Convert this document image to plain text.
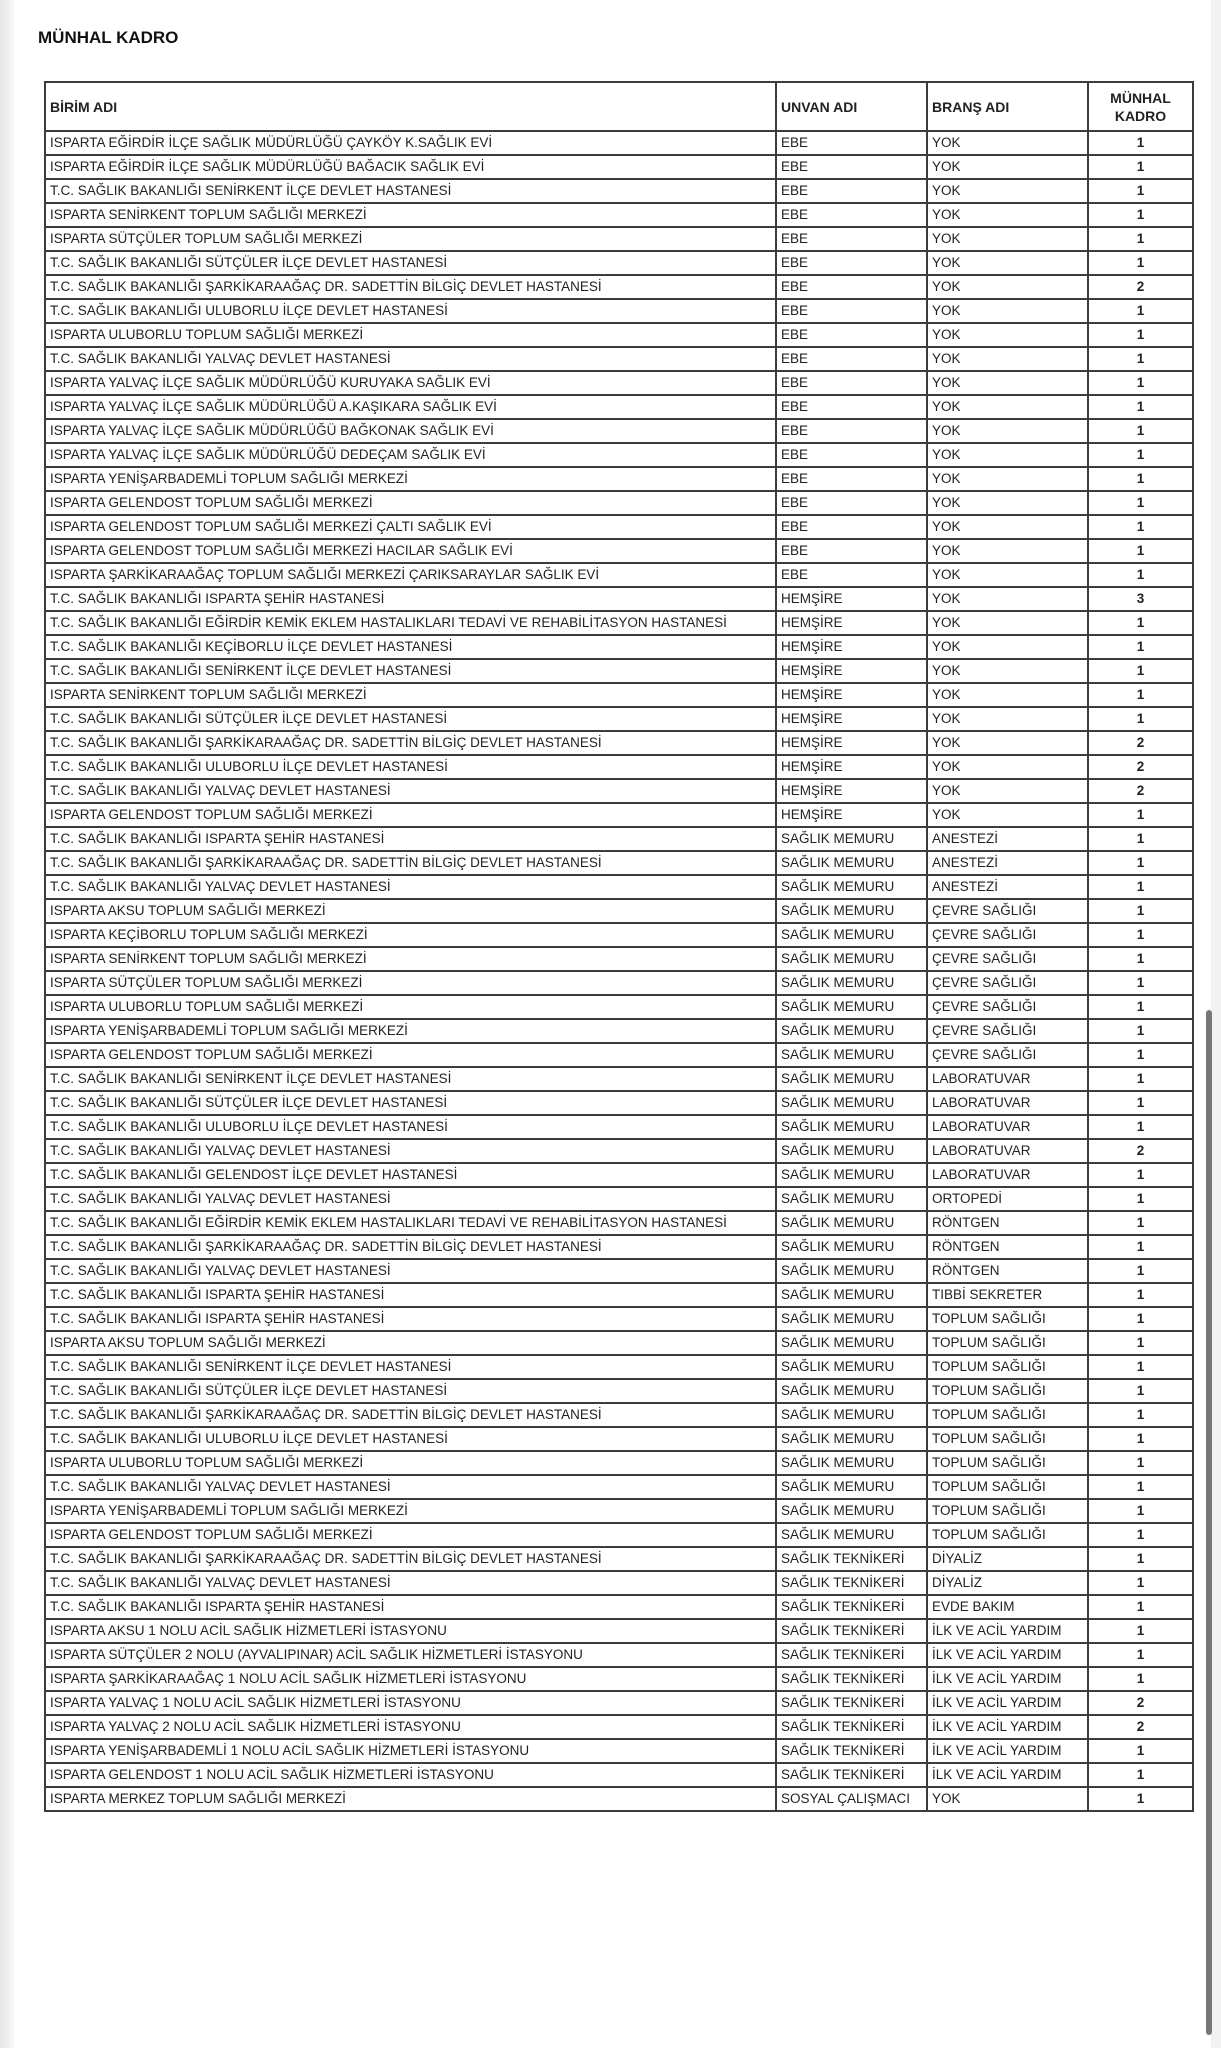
MÜNHAL KADRO
BİRİM ADI	UNVAN ADI	BRANŞ ADI	MÜNHAL KADRO
ISPARTA EĞİRDİR İLÇE SAĞLIK MÜDÜRLÜĞÜ ÇAYKÖY K.SAĞLIK EVİ	EBE	YOK	1
ISPARTA EĞİRDİR İLÇE SAĞLIK MÜDÜRLÜĞÜ BAĞACIK SAĞLIK EVİ	EBE	YOK	1
T.C. SAĞLIK BAKANLIĞI SENİRKENT İLÇE DEVLET HASTANESİ	EBE	YOK	1
ISPARTA SENİRKENT TOPLUM SAĞLIĞI MERKEZİ	EBE	YOK	1
ISPARTA SÜTÇÜLER TOPLUM SAĞLIĞI MERKEZİ	EBE	YOK	1
T.C. SAĞLIK BAKANLIĞI SÜTÇÜLER İLÇE DEVLET HASTANESİ	EBE	YOK	1
T.C. SAĞLIK BAKANLIĞI ŞARKİKARAAĞAÇ DR. SADETTİN BİLGİÇ DEVLET HASTANESİ	EBE	YOK	2
T.C. SAĞLIK BAKANLIĞI ULUBORLU İLÇE DEVLET HASTANESİ	EBE	YOK	1
ISPARTA ULUBORLU TOPLUM SAĞLIĞI MERKEZİ	EBE	YOK	1
T.C. SAĞLIK BAKANLIĞI YALVAÇ DEVLET HASTANESİ	EBE	YOK	1
ISPARTA YALVAÇ İLÇE SAĞLIK MÜDÜRLÜĞÜ KURUYAKA SAĞLIK EVİ	EBE	YOK	1
ISPARTA YALVAÇ İLÇE SAĞLIK MÜDÜRLÜĞÜ A.KAŞIKARA SAĞLIK EVİ	EBE	YOK	1
ISPARTA YALVAÇ İLÇE SAĞLIK MÜDÜRLÜĞÜ BAĞKONAK SAĞLIK EVİ	EBE	YOK	1
ISPARTA YALVAÇ İLÇE SAĞLIK MÜDÜRLÜĞÜ DEDEÇAM SAĞLIK EVİ	EBE	YOK	1
ISPARTA YENİŞARBADEMLİ TOPLUM SAĞLIĞI MERKEZİ	EBE	YOK	1
ISPARTA GELENDOST TOPLUM SAĞLIĞI MERKEZİ	EBE	YOK	1
ISPARTA GELENDOST TOPLUM SAĞLIĞI MERKEZİ ÇALTI SAĞLIK EVİ	EBE	YOK	1
ISPARTA GELENDOST TOPLUM SAĞLIĞI MERKEZİ HACILAR SAĞLIK EVİ	EBE	YOK	1
ISPARTA ŞARKİKARAAĞAÇ TOPLUM SAĞLIĞI MERKEZİ ÇARIKSARAYLAR SAĞLIK EVİ	EBE	YOK	1
T.C. SAĞLIK BAKANLIĞI ISPARTA ŞEHİR HASTANESİ	HEMŞİRE	YOK	3
T.C. SAĞLIK BAKANLIĞI EĞİRDİR KEMİK EKLEM HASTALIKLARI TEDAVİ VE REHABİLİTASYON HASTANESİ	HEMŞİRE	YOK	1
T.C. SAĞLIK BAKANLIĞI KEÇİBORLU İLÇE DEVLET HASTANESİ	HEMŞİRE	YOK	1
T.C. SAĞLIK BAKANLIĞI SENİRKENT İLÇE DEVLET HASTANESİ	HEMŞİRE	YOK	1
ISPARTA SENİRKENT TOPLUM SAĞLIĞI MERKEZİ	HEMŞİRE	YOK	1
T.C. SAĞLIK BAKANLIĞI SÜTÇÜLER İLÇE DEVLET HASTANESİ	HEMŞİRE	YOK	1
T.C. SAĞLIK BAKANLIĞI ŞARKİKARAAĞAÇ DR. SADETTİN BİLGİÇ DEVLET HASTANESİ	HEMŞİRE	YOK	2
T.C. SAĞLIK BAKANLIĞI ULUBORLU İLÇE DEVLET HASTANESİ	HEMŞİRE	YOK	2
T.C. SAĞLIK BAKANLIĞI YALVAÇ DEVLET HASTANESİ	HEMŞİRE	YOK	2
ISPARTA GELENDOST TOPLUM SAĞLIĞI MERKEZİ	HEMŞİRE	YOK	1
T.C. SAĞLIK BAKANLIĞI ISPARTA ŞEHİR HASTANESİ	SAĞLIK MEMURU	ANESTEZİ	1
T.C. SAĞLIK BAKANLIĞI ŞARKİKARAAĞAÇ DR. SADETTİN BİLGİÇ DEVLET HASTANESİ	SAĞLIK MEMURU	ANESTEZİ	1
T.C. SAĞLIK BAKANLIĞI YALVAÇ DEVLET HASTANESİ	SAĞLIK MEMURU	ANESTEZİ	1
ISPARTA AKSU TOPLUM SAĞLIĞI MERKEZİ	SAĞLIK MEMURU	ÇEVRE SAĞLIĞI	1
ISPARTA KEÇİBORLU TOPLUM SAĞLIĞI MERKEZİ	SAĞLIK MEMURU	ÇEVRE SAĞLIĞI	1
ISPARTA SENİRKENT TOPLUM SAĞLIĞI MERKEZİ	SAĞLIK MEMURU	ÇEVRE SAĞLIĞI	1
ISPARTA SÜTÇÜLER TOPLUM SAĞLIĞI MERKEZİ	SAĞLIK MEMURU	ÇEVRE SAĞLIĞI	1
ISPARTA ULUBORLU TOPLUM SAĞLIĞI MERKEZİ	SAĞLIK MEMURU	ÇEVRE SAĞLIĞI	1
ISPARTA YENİŞARBADEMLİ TOPLUM SAĞLIĞI MERKEZİ	SAĞLIK MEMURU	ÇEVRE SAĞLIĞI	1
ISPARTA GELENDOST TOPLUM SAĞLIĞI MERKEZİ	SAĞLIK MEMURU	ÇEVRE SAĞLIĞI	1
T.C. SAĞLIK BAKANLIĞI SENİRKENT İLÇE DEVLET HASTANESİ	SAĞLIK MEMURU	LABORATUVAR	1
T.C. SAĞLIK BAKANLIĞI SÜTÇÜLER İLÇE DEVLET HASTANESİ	SAĞLIK MEMURU	LABORATUVAR	1
T.C. SAĞLIK BAKANLIĞI ULUBORLU İLÇE DEVLET HASTANESİ	SAĞLIK MEMURU	LABORATUVAR	1
T.C. SAĞLIK BAKANLIĞI YALVAÇ DEVLET HASTANESİ	SAĞLIK MEMURU	LABORATUVAR	2
T.C. SAĞLIK BAKANLIĞI GELENDOST İLÇE DEVLET HASTANESİ	SAĞLIK MEMURU	LABORATUVAR	1
T.C. SAĞLIK BAKANLIĞI YALVAÇ DEVLET HASTANESİ	SAĞLIK MEMURU	ORTOPEDİ	1
T.C. SAĞLIK BAKANLIĞI EĞİRDİR KEMİK EKLEM HASTALIKLARI TEDAVİ VE REHABİLİTASYON HASTANESİ	SAĞLIK MEMURU	RÖNTGEN	1
T.C. SAĞLIK BAKANLIĞI ŞARKİKARAAĞAÇ DR. SADETTİN BİLGİÇ DEVLET HASTANESİ	SAĞLIK MEMURU	RÖNTGEN	1
T.C. SAĞLIK BAKANLIĞI YALVAÇ DEVLET HASTANESİ	SAĞLIK MEMURU	RÖNTGEN	1
T.C. SAĞLIK BAKANLIĞI ISPARTA ŞEHİR HASTANESİ	SAĞLIK MEMURU	TIBBİ SEKRETER	1
T.C. SAĞLIK BAKANLIĞI ISPARTA ŞEHİR HASTANESİ	SAĞLIK MEMURU	TOPLUM SAĞLIĞI	1
ISPARTA AKSU TOPLUM SAĞLIĞI MERKEZİ	SAĞLIK MEMURU	TOPLUM SAĞLIĞI	1
T.C. SAĞLIK BAKANLIĞI SENİRKENT İLÇE DEVLET HASTANESİ	SAĞLIK MEMURU	TOPLUM SAĞLIĞI	1
T.C. SAĞLIK BAKANLIĞI SÜTÇÜLER İLÇE DEVLET HASTANESİ	SAĞLIK MEMURU	TOPLUM SAĞLIĞI	1
T.C. SAĞLIK BAKANLIĞI ŞARKİKARAAĞAÇ DR. SADETTİN BİLGİÇ DEVLET HASTANESİ	SAĞLIK MEMURU	TOPLUM SAĞLIĞI	1
T.C. SAĞLIK BAKANLIĞI ULUBORLU İLÇE DEVLET HASTANESİ	SAĞLIK MEMURU	TOPLUM SAĞLIĞI	1
ISPARTA ULUBORLU TOPLUM SAĞLIĞI MERKEZİ	SAĞLIK MEMURU	TOPLUM SAĞLIĞI	1
T.C. SAĞLIK BAKANLIĞI YALVAÇ DEVLET HASTANESİ	SAĞLIK MEMURU	TOPLUM SAĞLIĞI	1
ISPARTA YENİŞARBADEMLİ TOPLUM SAĞLIĞI MERKEZİ	SAĞLIK MEMURU	TOPLUM SAĞLIĞI	1
ISPARTA GELENDOST TOPLUM SAĞLIĞI MERKEZİ	SAĞLIK MEMURU	TOPLUM SAĞLIĞI	1
T.C. SAĞLIK BAKANLIĞI ŞARKİKARAAĞAÇ DR. SADETTİN BİLGİÇ DEVLET HASTANESİ	SAĞLIK TEKNİKERİ	DİYALİZ	1
T.C. SAĞLIK BAKANLIĞI YALVAÇ DEVLET HASTANESİ	SAĞLIK TEKNİKERİ	DİYALİZ	1
T.C. SAĞLIK BAKANLIĞI ISPARTA ŞEHİR HASTANESİ	SAĞLIK TEKNİKERİ	EVDE BAKIM	1
ISPARTA AKSU 1 NOLU ACİL SAĞLIK HİZMETLERİ İSTASYONU	SAĞLIK TEKNİKERİ	İLK VE ACİL YARDIM	1
ISPARTA SÜTÇÜLER 2 NOLU (AYVALIPINAR) ACİL SAĞLIK HİZMETLERİ İSTASYONU	SAĞLIK TEKNİKERİ	İLK VE ACİL YARDIM	1
ISPARTA ŞARKİKARAAĞAÇ 1 NOLU ACİL SAĞLIK HİZMETLERİ İSTASYONU	SAĞLIK TEKNİKERİ	İLK VE ACİL YARDIM	1
ISPARTA YALVAÇ 1 NOLU ACİL SAĞLIK HİZMETLERİ İSTASYONU	SAĞLIK TEKNİKERİ	İLK VE ACİL YARDIM	2
ISPARTA YALVAÇ 2 NOLU ACİL SAĞLIK HİZMETLERİ İSTASYONU	SAĞLIK TEKNİKERİ	İLK VE ACİL YARDIM	2
ISPARTA YENİŞARBADEMLİ 1 NOLU ACİL SAĞLIK HİZMETLERİ İSTASYONU	SAĞLIK TEKNİKERİ	İLK VE ACİL YARDIM	1
ISPARTA GELENDOST 1 NOLU ACİL SAĞLIK HİZMETLERİ İSTASYONU	SAĞLIK TEKNİKERİ	İLK VE ACİL YARDIM	1
ISPARTA MERKEZ TOPLUM SAĞLIĞI MERKEZİ	SOSYAL ÇALIŞMACI	YOK	1
